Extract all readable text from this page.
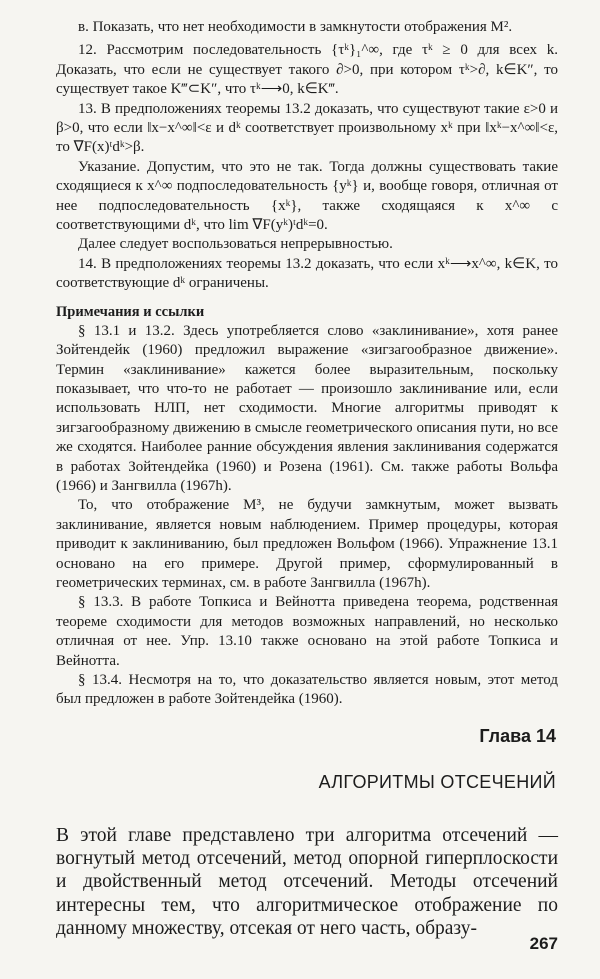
в. Показать, что нет необходимости в замкнутости отображения M².

12. Рассмотрим последовательность {τᵏ}₁^∞, где τᵏ ≥ 0 для всех k. Доказать, что если не существует такого ∂>0, при котором τᵏ>∂, k∈K″, то существует такое K‴⊂K″, что τᵏ⟶0, k∈K‴.

13. В предположениях теоремы 13.2 доказать, что существуют такие ε>0 и β>0, что если ‖x−x^∞‖<ε и dᵏ соответствует произвольному xᵏ при ‖xᵏ−x^∞‖<ε, то ∇F(x)ᵗdᵏ>β.

Указание. Допустим, что это не так. Тогда должны существовать такие сходящиеся к x^∞ подпоследовательность {yᵏ} и, вообще говоря, отличная от нее подпоследовательность {xᵏ}, также сходящаяся к x^∞ с соответствующими dᵏ, что lim ∇F(yᵏ)ᵗdᵏ=0.

Далее следует воспользоваться непрерывностью.

14. В предположениях теоремы 13.2 доказать, что если xᵏ⟶x^∞, k∈K, то соответствующие dᵏ ограничены.

Примечания и ссылки

§ 13.1 и 13.2. Здесь употребляется слово «заклинивание», хотя ранее Зойтендейк (1960) предложил выражение «зигзагообразное движение». Термин «заклинивание» кажется более выразительным, поскольку показывает, что что-то не работает — произошло заклинивание или, если использовать НЛП, нет сходимости. Многие алгоритмы приводят к зигзагообразному движению в смысле геометрического описания пути, но все же сходятся. Наиболее ранние обсуждения явления заклинивания содержатся в работах Зойтендейка (1960) и Розена (1961). См. также работы Вольфа (1966) и Зангвилла (1967h).

То, что отображение M³, не будучи замкнутым, может вызвать заклинивание, является новым наблюдением. Пример процедуры, которая приводит к заклиниванию, был предложен Вольфом (1966). Упражнение 13.1 основано на его примере. Другой пример, сформулированный в геометрических терминах, см. в работе Зангвилла (1967h).

§ 13.3. В работе Топкиса и Вейнотта приведена теорема, родственная теореме сходимости для методов возможных направлений, но несколько отличная от нее. Упр. 13.10 также основано на этой работе Топкиса и Вейнотта.

§ 13.4. Несмотря на то, что доказательство является новым, этот метод был предложен в работе Зойтендейка (1960).

Глава 14
АЛГОРИТМЫ ОТСЕЧЕНИЙ

В этой главе представлено три алгоритма отсечений — вогнутый метод отсечений, метод опорной гиперплоскости и двойственный метод отсечений. Методы отсечений интересны тем, что алгоритмическое отображение по данному множеству, отсекая от него часть, образу-

267
